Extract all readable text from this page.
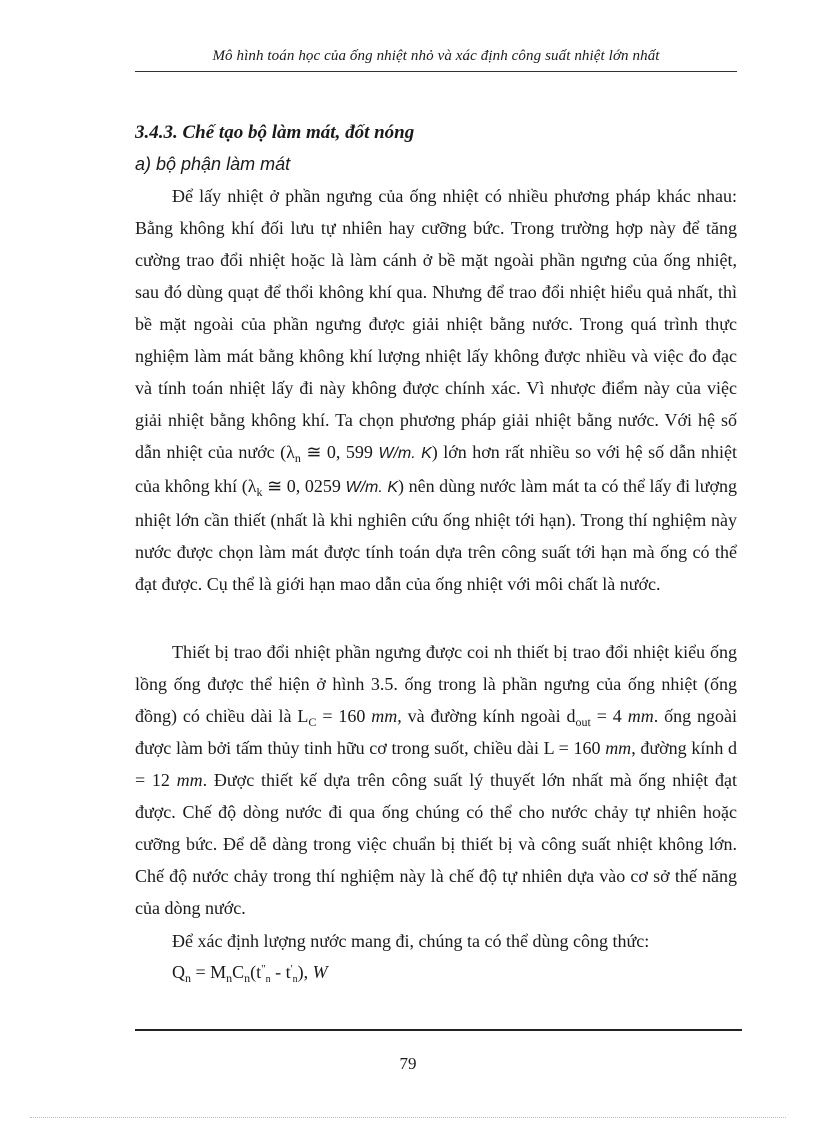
Mô hình toán học của ống nhiệt nhỏ và xác định công suất nhiệt lớn nhất
3.4.3. Chế tạo bộ làm mát, đốt nóng
a) bộ phận làm mát

Để lấy nhiệt ở phần ngưng của ống nhiệt có nhiều phương pháp khác nhau: Bằng không khí đối lưu tự nhiên hay cưỡng bức. Trong trường hợp này để tăng cường trao đổi nhiệt hoặc là làm cánh ở bề mặt ngoài phần ngưng của ống nhiệt, sau đó dùng quạt để thổi không khí qua. Nhưng để trao đổi nhiệt hiểu quả nhất, thì bề mặt ngoài của phần ngưng được giải nhiệt bằng nước. Trong quá trình thực nghiệm làm mát bằng không khí lượng nhiệt lấy không được nhiều và việc đo đạc và tính toán nhiệt lấy đi này không được chính xác. Vì nhược điểm này của việc giải nhiệt bằng không khí. Ta chọn phương pháp giải nhiệt bằng nước. Với hệ số dẫn nhiệt của nước ($\lambda_n$ ≅ 0, 599 W/m. K) lớn hơn rất nhiều so với hệ số dẫn nhiệt của không khí ($\lambda_k$ ≅ 0, 0259 W/m. K) nên dùng nước làm mát ta có thể lấy đi lượng nhiệt lớn cần thiết (nhất là khi nghiên cứu ống nhiệt tới hạn). Trong thí nghiệm này nước được chọn làm mát được tính toán dựa trên công suất tới hạn mà ống có thể đạt được. Cụ thể là giới hạn mao dẫn của ống nhiệt với môi chất là nước.

Thiết bị trao đổi nhiệt phần ngưng được coi nh thiết bị trao đổi nhiệt kiểu ống lồng ống được thể hiện ở hình 3.5. ống trong là phần ngưng của ống nhiệt (ống đồng) có chiều dài là $L_C = 160$ mm, và đường kính ngoài $d_{out} = 4$ mm. ống ngoài được làm bởi tấm thủy tinh hữu cơ trong suốt, chiều dài L = 160 mm, đường kính d = 12 mm. Được thiết kế dựa trên công suất lý thuyết lớn nhất mà ống nhiệt đạt được. Chế độ dòng nước đi qua ống chúng có thể cho nước chảy tự nhiên hoặc cưỡng bức. Để dễ dàng trong việc chuẩn bị thiết bị và công suất nhiệt không lớn. Chế độ nước chảy trong thí nghiệm này là chế độ tự nhiên dựa vào cơ sở thế năng của dòng nước.

Để xác định lượng nước mang đi, chúng ta có thể dùng công thức:

$Q_n = M_nC_n(t^"_n - t'_n)$, W
79
